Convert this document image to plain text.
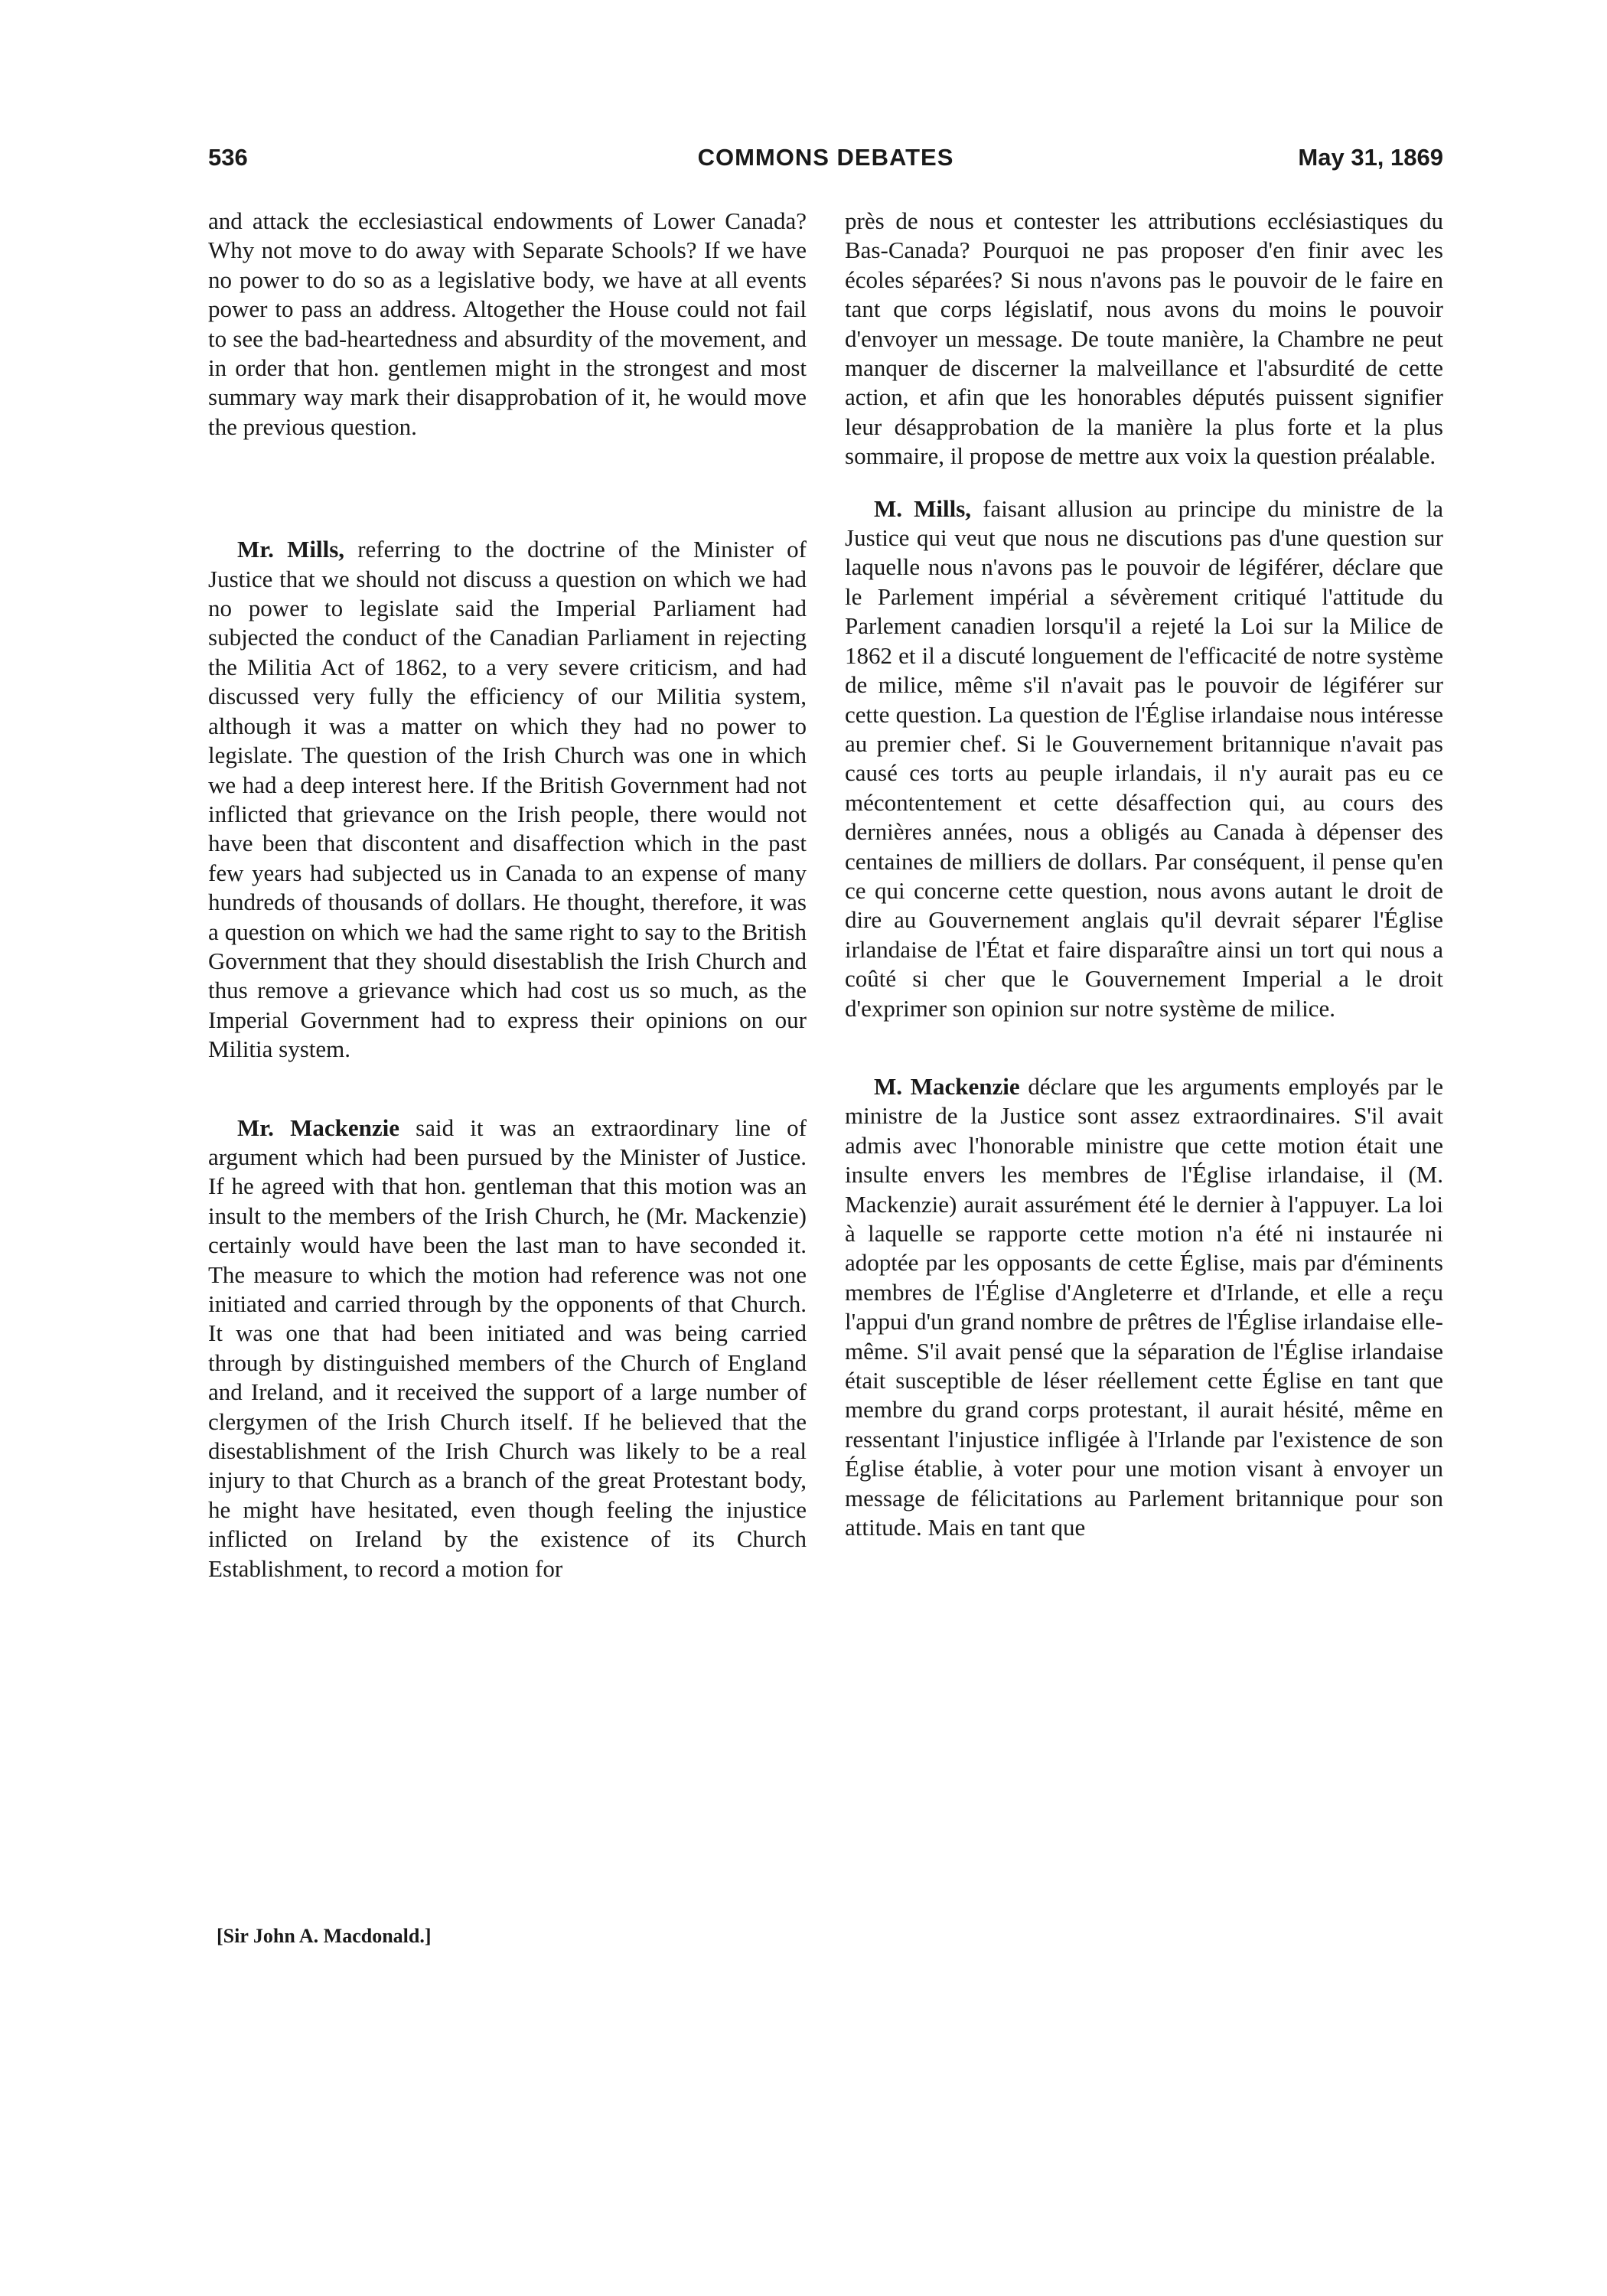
536	COMMONS DEBATES	May 31, 1869

and attack the ecclesiastical endowments of Lower Canada? Why not move to do away with Separate Schools? If we have no power to do so as a legislative body, we have at all events power to pass an address. Altogether the House could not fail to see the bad-heartedness and absurdity of the movement, and in order that hon. gentlemen might in the strongest and most summary way mark their disapprobation of it, he would move the previous question.

Mr. Mills, referring to the doctrine of the Minister of Justice that we should not discuss a question on which we had no power to legislate said the Imperial Parliament had subjected the conduct of the Canadian Parliament in rejecting the Militia Act of 1862, to a very severe criticism, and had discussed very fully the efficiency of our Militia system, although it was a matter on which they had no power to legislate. The question of the Irish Church was one in which we had a deep interest here. If the British Government had not inflicted that grievance on the Irish people, there would not have been that discontent and disaffection which in the past few years had subjected us in Canada to an expense of many hundreds of thousands of dollars. He thought, therefore, it was a question on which we had the same right to say to the British Government that they should disestablish the Irish Church and thus remove a grievance which had cost us so much, as the Imperial Government had to express their opinions on our Militia system.

Mr. Mackenzie said it was an extraordinary line of argument which had been pursued by the Minister of Justice. If he agreed with that hon. gentleman that this motion was an insult to the members of the Irish Church, he (Mr. Mackenzie) certainly would have been the last man to have seconded it. The measure to which the motion had reference was not one initiated and carried through by the opponents of that Church. It was one that had been initiated and was being carried through by distinguished members of the Church of England and Ireland, and it received the support of a large number of clergymen of the Irish Church itself. If he believed that the disestablishment of the Irish Church was likely to be a real injury to that Church as a branch of the great Protestant body, he might have hesitated, even though feeling the injustice inflicted on Ireland by the existence of its Church Establishment, to record a motion for

près de nous et contester les attributions ecclésiastiques du Bas-Canada? Pourquoi ne pas proposer d'en finir avec les écoles séparées? Si nous n'avons pas le pouvoir de le faire en tant que corps législatif, nous avons du moins le pouvoir d'envoyer un message. De toute manière, la Chambre ne peut manquer de discerner la malveillance et l'absurdité de cette action, et afin que les honorables députés puissent signifier leur désapprobation de la manière la plus forte et la plus sommaire, il propose de mettre aux voix la question préalable.

M. Mills, faisant allusion au principe du ministre de la Justice qui veut que nous ne discutions pas d'une question sur laquelle nous n'avons pas le pouvoir de légiférer, déclare que le Parlement impérial a sévèrement critiqué l'attitude du Parlement canadien lorsqu'il a rejeté la Loi sur la Milice de 1862 et il a discuté longuement de l'efficacité de notre système de milice, même s'il n'avait pas le pouvoir de légiférer sur cette question. La question de l'Église irlandaise nous intéresse au premier chef. Si le Gouvernement britannique n'avait pas causé ces torts au peuple irlandais, il n'y aurait pas eu ce mécontentement et cette désaffection qui, au cours des dernières années, nous a obligés au Canada à dépenser des centaines de milliers de dollars. Par conséquent, il pense qu'en ce qui concerne cette question, nous avons autant le droit de dire au Gouvernement anglais qu'il devrait séparer l'Église irlandaise de l'État et faire disparaître ainsi un tort qui nous a coûté si cher que le Gouvernement Imperial a le droit d'exprimer son opinion sur notre système de milice.

M. Mackenzie déclare que les arguments employés par le ministre de la Justice sont assez extraordinaires. S'il avait admis avec l'honorable ministre que cette motion était une insulte envers les membres de l'Église irlandaise, il (M. Mackenzie) aurait assurément été le dernier à l'appuyer. La loi à laquelle se rapporte cette motion n'a été ni instaurée ni adoptée par les opposants de cette Église, mais par d'éminents membres de l'Église d'Angleterre et d'Irlande, et elle a reçu l'appui d'un grand nombre de prêtres de l'Église irlandaise elle-même. S'il avait pensé que la séparation de l'Église irlandaise était susceptible de léser réellement cette Église en tant que membre du grand corps protestant, il aurait hésité, même en ressentant l'injustice infligée à l'Irlande par l'existence de son Église établie, à voter pour une motion visant à envoyer un message de félicitations au Parlement britannique pour son attitude. Mais en tant que

[Sir John A. Macdonald.]
